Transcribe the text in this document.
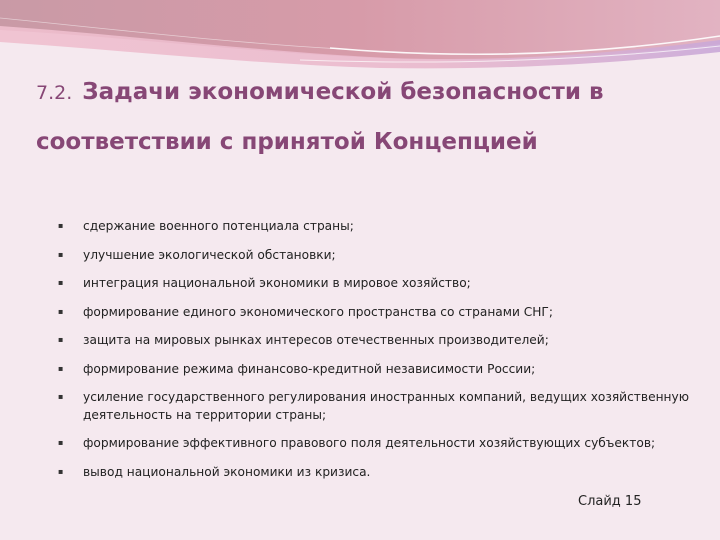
7.2. Задачи экономической безопасности в соответствии с принятой Концепцией
▪ сдержание военного потенциала страны;
▪ улучшение экологической обстановки;
▪ интеграция национальной экономики в мировое хозяйство;
▪ формирование единого экономического пространства со странами СНГ;
▪ защита на мировых рынках интересов отечественных производителей;
▪ формирование режима финансово-кредитной независимости России;
▪ усиление государственного регулирования иностранных компаний, ведущих хозяйственную деятельность на территории страны;
▪ формирование эффективного правового поля деятельности хозяйствующих субъектов;
▪ вывод национальной экономики из кризиса.
Слайд 15
